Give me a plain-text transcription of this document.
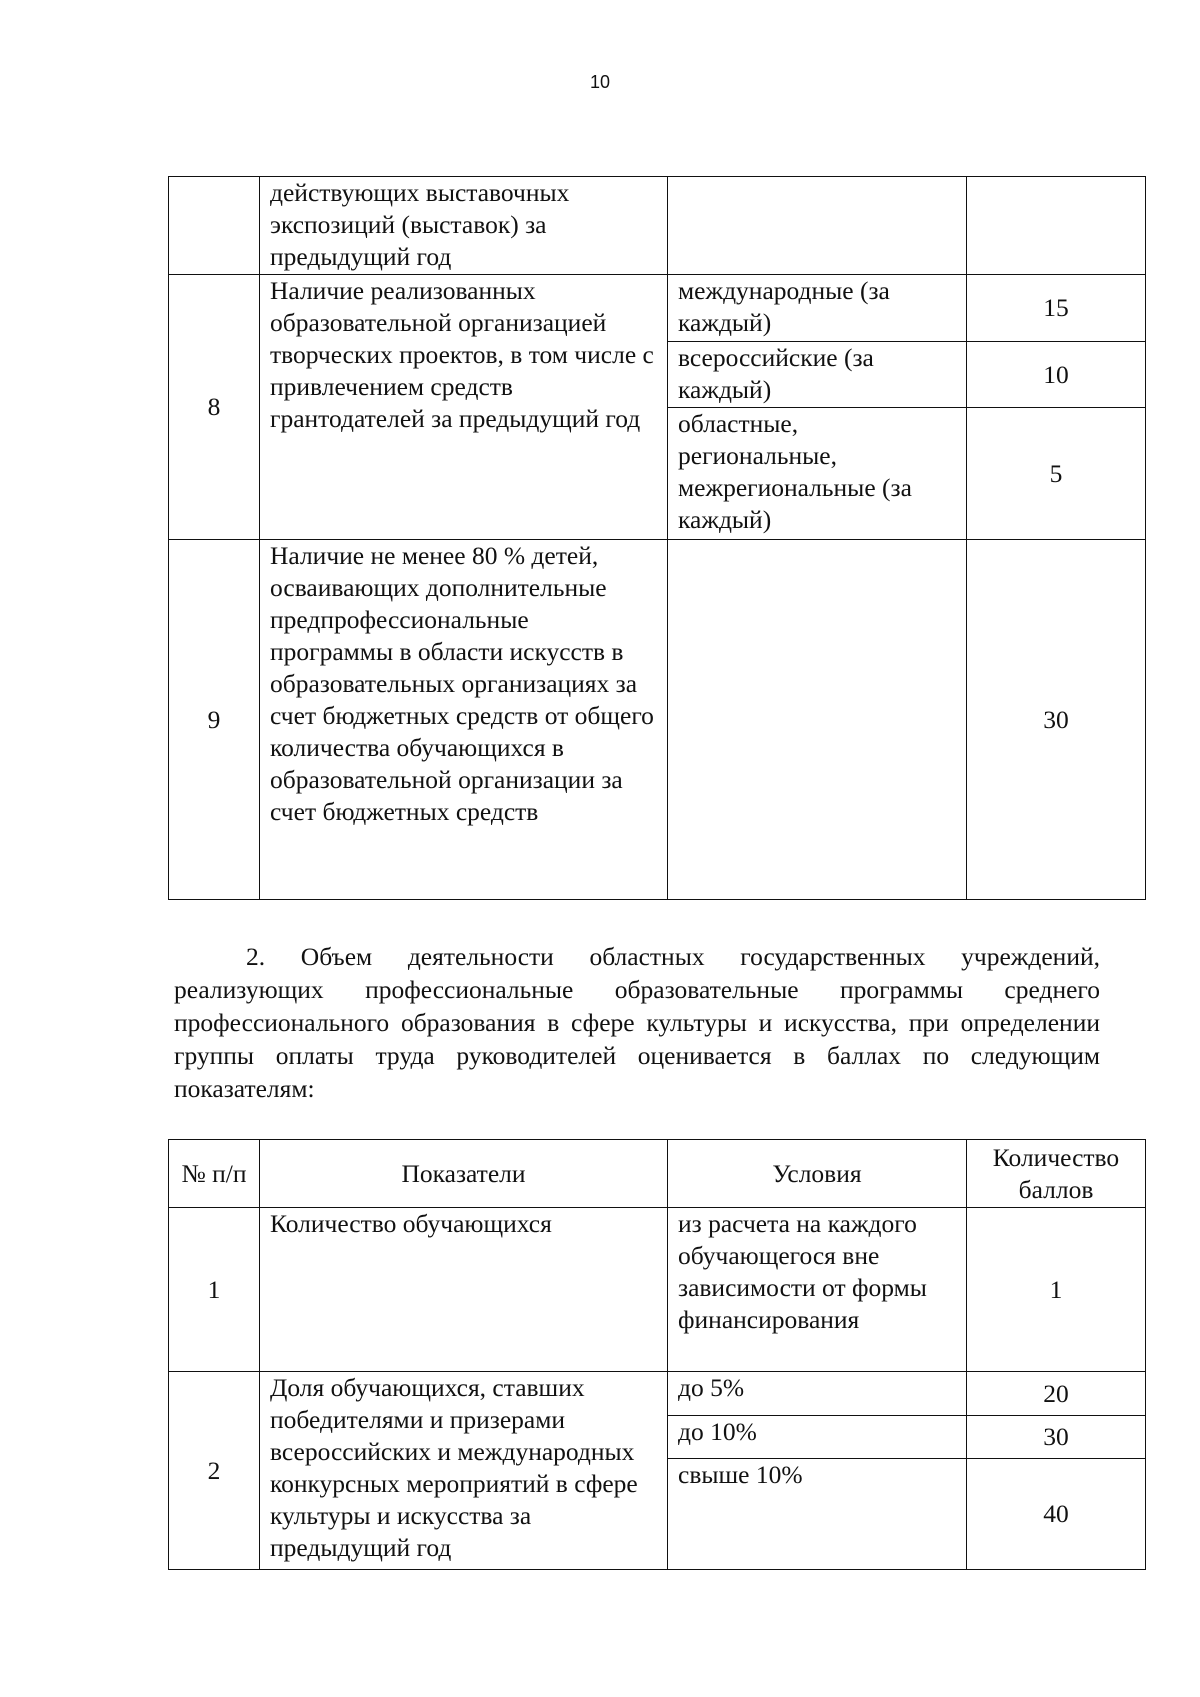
10
	действующих выставочных экспозиций (выставок) за предыдущий год		
8	Наличие реализованных образовательной организацией творческих проектов, в том числе с привлечением средств грантодателей за предыдущий год	международные (за каждый)	15
		всероссийские (за каждый)	10
		областные, региональные, межрегиональные (за каждый)	5
9	Наличие не менее 80 % детей, осваивающих дополнительные предпрофессиональные программы в области искусств в образовательных организациях за счет бюджетных средств от общего количества обучающихся в образовательной организации за счет бюджетных средств		30

2. Объем деятельности областных государственных учреждений, реализующих профессиональные образовательные программы среднего профессионального образования в сфере культуры и искусства, при определении группы оплаты труда руководителей оценивается в баллах по следующим показателям:

№ п/п	Показатели	Условия	Количество баллов
1	Количество обучающихся	из расчета на каждого обучающегося вне зависимости от формы финансирования	1
2	Доля обучающихся, ставших победителями и призерами всероссийских и международных конкурсных мероприятий в сфере культуры и искусства за предыдущий год	до 5%	20
		до 10%	30
		свыше 10%	40
